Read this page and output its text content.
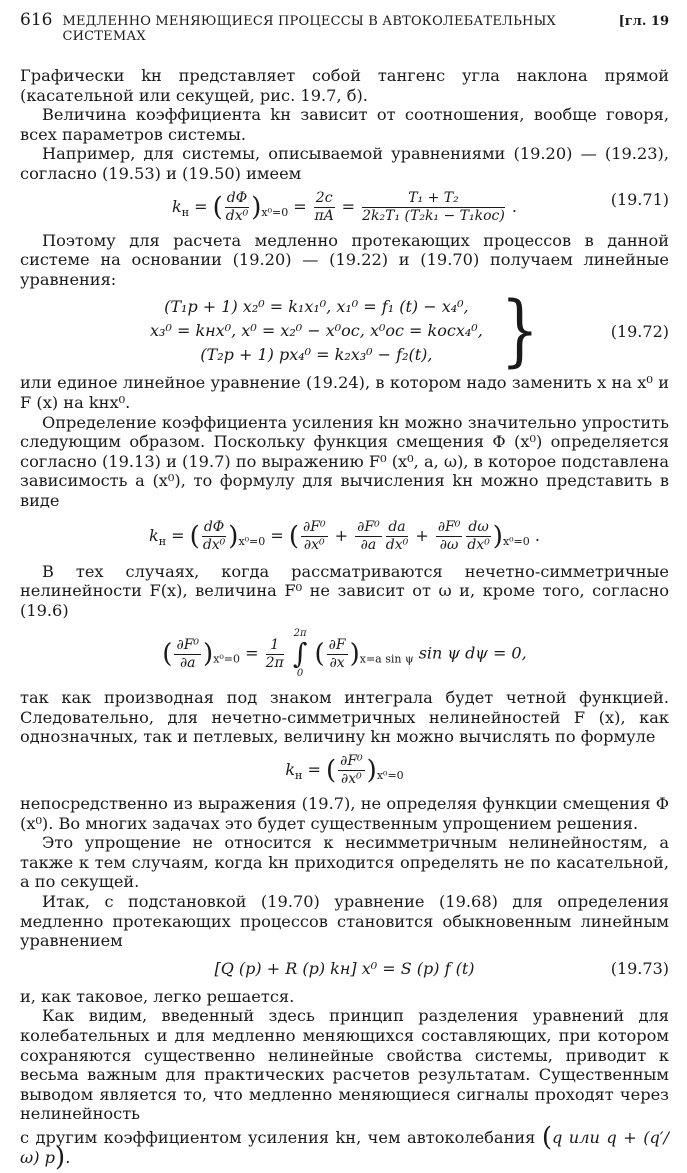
616 МЕДЛЕННО МЕНЯЮЩИЕСЯ ПРОЦЕССЫ В АВТОКОЛЕБАТЕЛЬНЫХ СИСТЕМАХ
[гл. 19

Графически kн представляет собой тангенс угла наклона прямой (касательной или секущей, рис. 19.7, б).

Величина коэффициента kн зависит от соотношения, вообще говоря, всех параметров системы.

Например, для системы, описываемой уравнениями (19.20) — (19.23), согласно (19.53) и (19.50) имеем

$k_н$ = ( $\frac{d\Phi}{\text{dx⁰}} )_{x^0=0} = \frac{2c}{\pi A} = \frac{\text{T₁ + T₂}}{\text{2k₂T₁ (T₂k₁ − T₁kос)}}$ .	(19.71)

Поэтому для расчета медленно протекающих процессов в данной системе на основании (19.20) — (19.22) и (19.70) получаем линейные уравнения:

(T₁p + 1) x₂⁰ = k₁x₁⁰, x₁⁰ = f₁ (t) − x₄⁰,
x₃⁰ = kнx⁰, x⁰ = x₂⁰ − x⁰ос, x⁰ос = kосx₄⁰,
(T₂p + 1) px₄⁰ = k₂x₃⁰ − f₂(t),	}	(19.72)

или единое линейное уравнение (19.24), в котором надо заменить x на x⁰ и F (x) на kнx⁰.

Определение коэффициента усиления kн можно значительно упростить следующим образом. Поскольку функция смещения Φ (x⁰) определяется согласно (19.13) и (19.7) по выражению F⁰ (x⁰, a, ω), в которое подставлена зависимость a (x⁰), то формулу для вычисления kн можно представить в виде

$k_н$ = ( $\frac{d\Phi}{\text{dx⁰}} )_{x^0=0}$ = ( $\frac{\text{∂F⁰}}{\text{∂x⁰}} + \frac{\text{∂F⁰}}{\partial a} \frac{da}{\text{dx⁰}} + \frac{\text{∂F⁰}}{\partial\omega} \frac{d\omega}{\text{dx⁰}} )_{x^0=0}$ .

В тех случаях, когда рассматриваются нечетно-симметричные нелинейности F(x), величина F⁰ не зависит от ω и, кроме того, согласно (19.6)

( $\frac{\text{∂F⁰}}{\partial a} )_{x^0=0} = \frac{1}{2\pi}$

2π
∫
0
( $\frac{\partial F}{\partial x} )_{x=a sin \psi}$ sin ψ dψ = 0,

так как производная под знаком интеграла будет четной функцией. Следовательно, для нечетно-симметричных нелинейностей F (x), как однозначных, так и петлевых, величину kн можно вычислять по формуле

$k_н$ = ( $\frac{\text{∂F⁰}}{\text{∂x⁰}} )_{x^0=0}$

непосредственно из выражения (19.7), не определяя функции смещения Φ (x⁰). Во многих задачах это будет существенным упрощением решения.

Это упрощение не относится к несимметричным нелинейностям, а также к тем случаям, когда kн приходится определять не по касательной, а по секущей.

Итак, с подстановкой (19.70) уравнение (19.68) для определения медленно протекающих процессов становится обыкновенным линейным уравнением

[Q (p) + R (p) kн] x⁰ = S (p) f (t)	(19.73)

и, как таковое, легко решается.

Как видим, введенный здесь принцип разделения уравнений для колебательных и для медленно меняющихся составляющих, при котором сохраняются существенно нелинейные свойства системы, приводит к весьма важным для практических расчетов результатам. Существенным выводом является то, что медленно меняющиеся сигналы проходят через нелинейность

с другим коэффициентом усиления kн, чем автоколебания (q или q + (q′/ω) p).
